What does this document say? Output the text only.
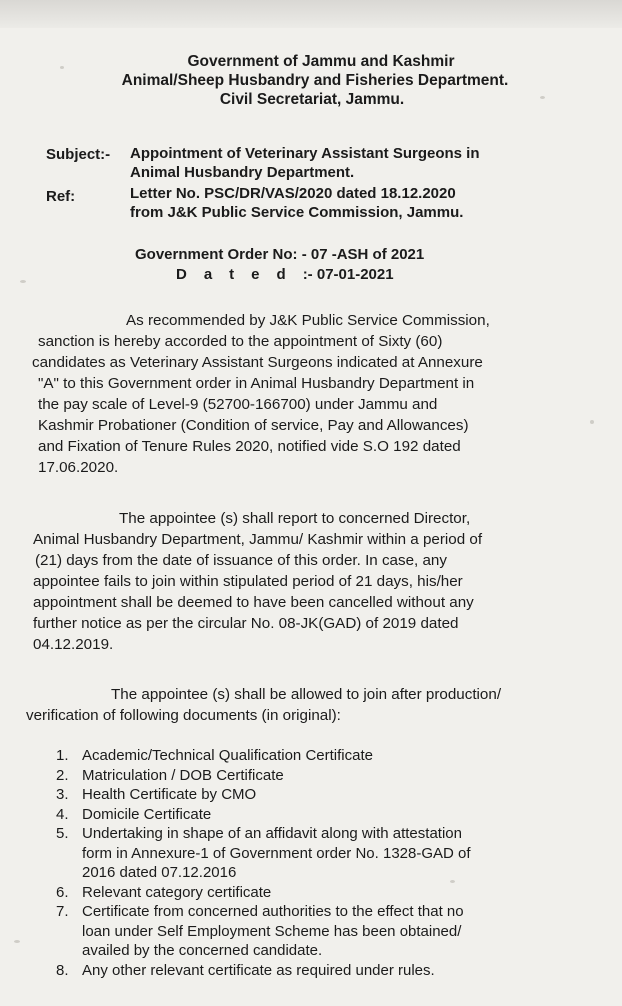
Government of Jammu and Kashmir
Animal/Sheep Husbandry and Fisheries Department.
Civil Secretariat, Jammu.
Subject:- Appointment of Veterinary Assistant Surgeons in
Animal Husbandry Department.
Ref:	Letter No. PSC/DR/VAS/2020 dated 18.12.2020
from J&K Public Service Commission, Jammu.
Government Order No: - 07 -ASH of 2021
Dated:- 07-01-2021
As recommended by J&K Public Service Commission,
sanction is hereby accorded to the appointment of Sixty (60)
candidates as Veterinary Assistant Surgeons indicated at Annexure
"A" to this Government order in Animal Husbandry Department in
the pay scale of Level-9 (52700-166700) under Jammu and
Kashmir Probationer (Condition of service, Pay and Allowances)
and Fixation of Tenure Rules 2020, notified vide S.O 192 dated
17.06.2020.
The appointee (s) shall report to concerned Director,
Animal Husbandry Department, Jammu/ Kashmir within a period of
(21) days from the date of issuance of this order. In case, any
appointee fails to join within stipulated period of 21 days, his/her
appointment shall be deemed to have been cancelled without any
further notice as per the circular No. 08-JK(GAD) of 2019 dated
04.12.2019.
The appointee (s) shall be allowed to join after production/
verification of following documents (in original):
1. Academic/Technical Qualification Certificate
2. Matriculation / DOB Certificate
3. Health Certificate by CMO
4. Domicile Certificate
5. Undertaking in shape of an affidavit along with attestation
form in Annexure-1 of Government order No. 1328-GAD of
2016 dated 07.12.2016
6. Relevant category certificate
7. Certificate from concerned authorities to the effect that no
loan under Self Employment Scheme has been obtained/
availed by the concerned candidate.
8. Any other relevant certificate as required under rules.
